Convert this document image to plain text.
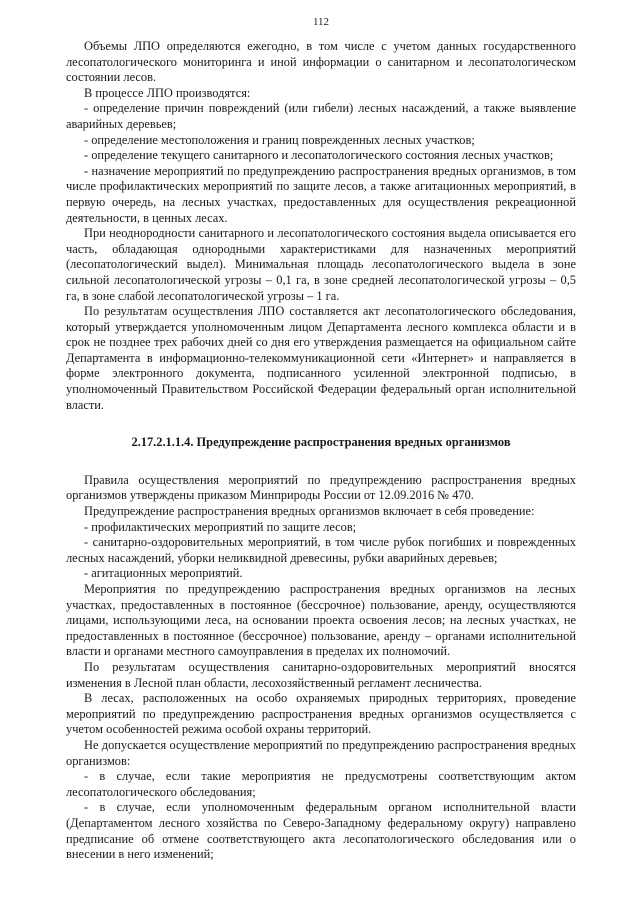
112

Объемы ЛПО определяются ежегодно, в том числе с учетом данных государственного лесопатологического мониторинга и иной информации о санитарном и лесопатологическом состоянии лесов.

В процессе ЛПО производятся:

- определение причин повреждений (или гибели) лесных насаждений, а также выявление аварийных деревьев;

- определение местоположения и границ поврежденных лесных участков;

- определение текущего санитарного и лесопатологического состояния лесных участков;

- назначение мероприятий по предупреждению распространения вредных организмов, в том числе профилактических мероприятий по защите лесов, а также агитационных мероприятий, в первую очередь, на лесных участках, предоставленных для осуществления рекреационной деятельности, в ценных лесах.

При неоднородности санитарного и лесопатологического состояния выдела описывается его часть, обладающая однородными характеристиками для назначенных мероприятий (лесопатологический выдел). Минимальная площадь лесопатологического выдела в зоне сильной лесопатологической угрозы – 0,1 га, в зоне средней лесопатологической угрозы – 0,5 га, в зоне слабой лесопатологической угрозы – 1 га.

По результатам осуществления ЛПО составляется акт лесопатологического обследования, который утверждается уполномоченным лицом Департамента лесного комплекса области и в срок не позднее трех рабочих дней со дня его утверждения размещается на официальном сайте Департамента в информационно-телекоммуникационной сети «Интернет» и направляется в форме электронного документа, подписанного усиленной электронной подписью, в уполномоченный Правительством Российской Федерации федеральный орган исполнительной власти.

2.17.2.1.1.4. Предупреждение распространения вредных организмов

Правила осуществления мероприятий по предупреждению распространения вредных организмов утверждены приказом Минприроды России от 12.09.2016 № 470.

Предупреждение распространения вредных организмов включает в себя проведение:

- профилактических мероприятий по защите лесов;

- санитарно-оздоровительных мероприятий, в том числе рубок погибших и поврежденных лесных насаждений, уборки неликвидной древесины, рубки аварийных деревьев;

- агитационных мероприятий.

Мероприятия по предупреждению распространения вредных организмов на лесных участках, предоставленных в постоянное (бессрочное) пользование, аренду, осуществляются лицами, использующими леса, на основании проекта освоения лесов; на лесных участках, не предоставленных в постоянное (бессрочное) пользование, аренду – органами исполнительной власти и органами местного самоуправления в пределах их полномочий.

По результатам осуществления санитарно-оздоровительных мероприятий вносятся изменения в Лесной план области, лесохозяйственный регламент лесничества.

В лесах, расположенных на особо охраняемых природных территориях, проведение мероприятий по предупреждению распространения вредных организмов осуществляется с учетом особенностей режима особой охраны территорий.

Не допускается осуществление мероприятий по предупреждению распространения вредных организмов:

- в случае, если такие мероприятия не предусмотрены соответствующим актом лесопатологического обследования;

- в случае, если уполномоченным федеральным органом исполнительной власти (Департаментом лесного хозяйства по Северо-Западному федеральному округу) направлено предписание об отмене соответствующего акта лесопатологического обследования или о внесении в него изменений;
